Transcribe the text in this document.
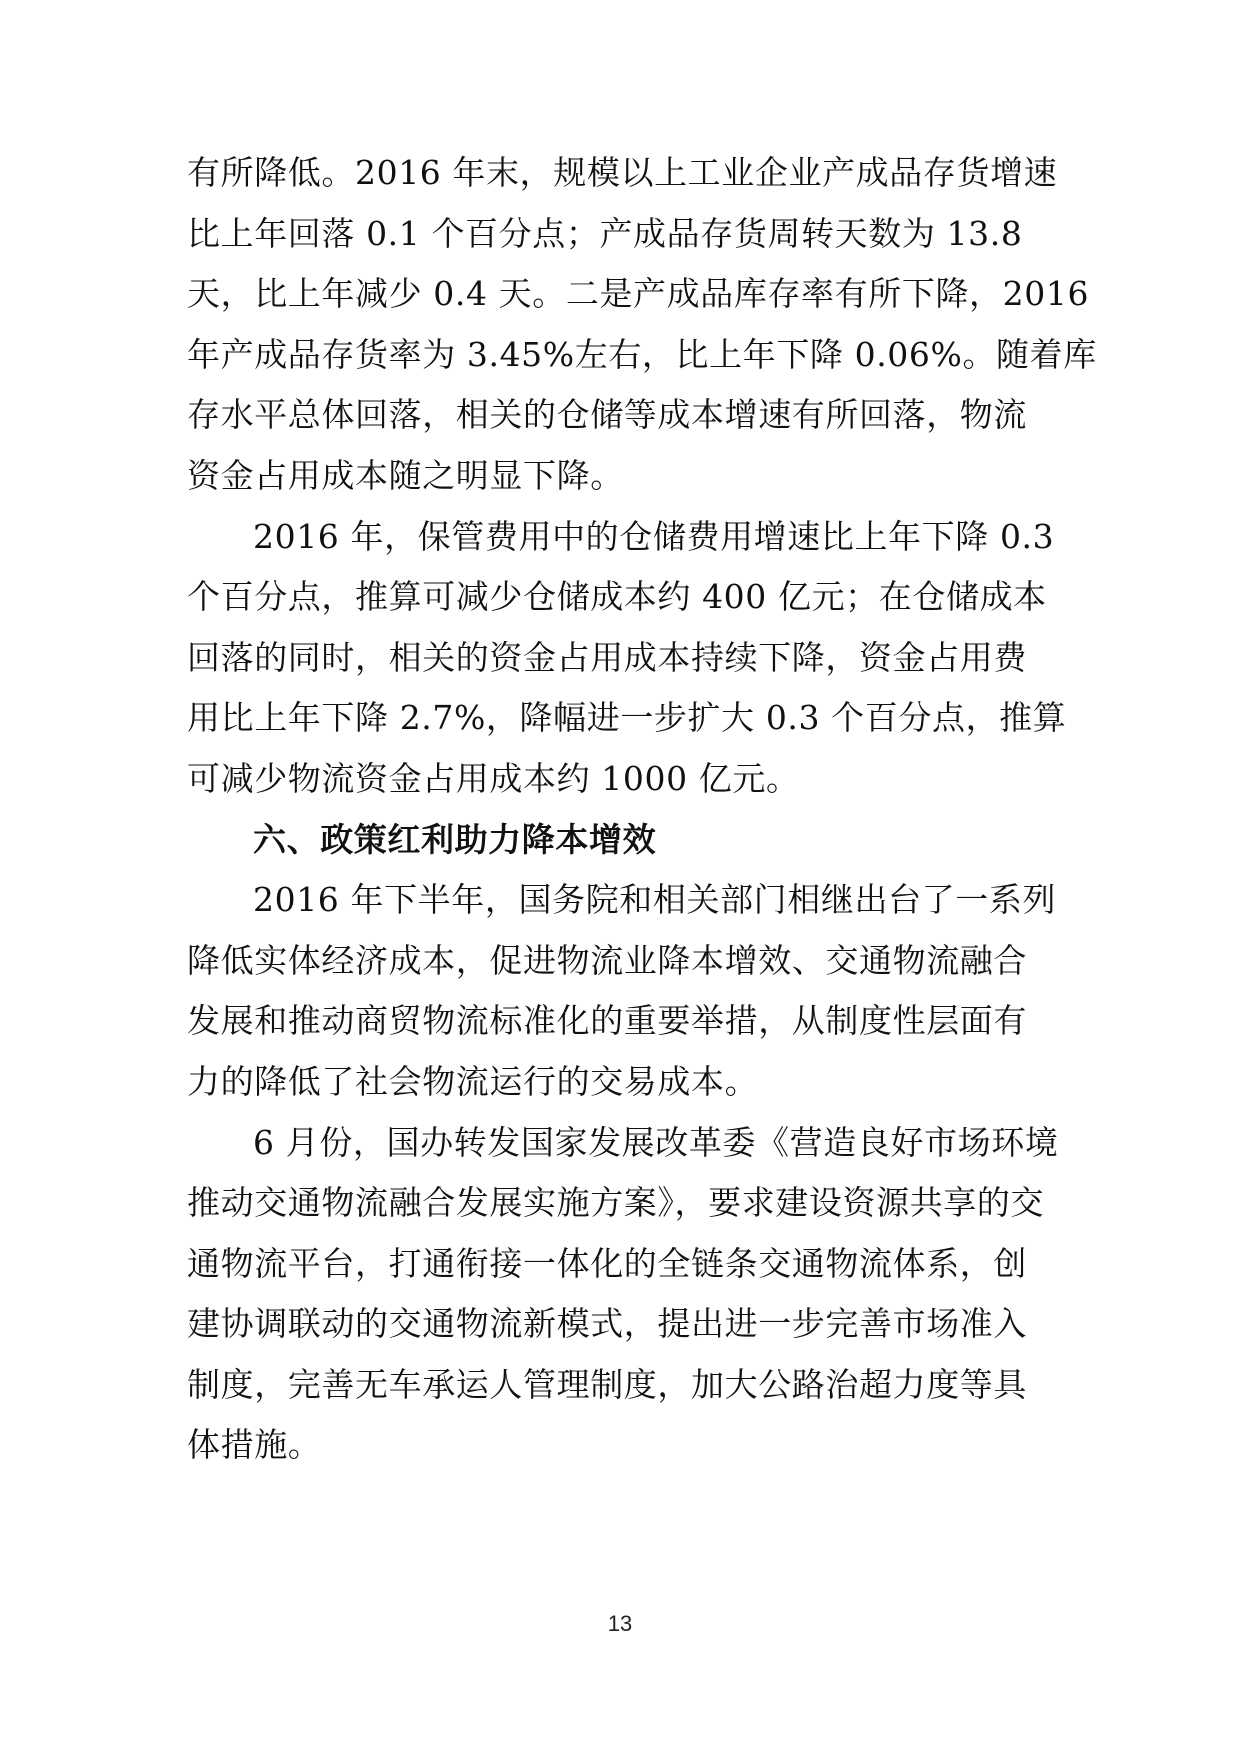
有所降低。2016 年末，规模以上工业企业产成品存货增速
比上年回落 0.1 个百分点；产成品存货周转天数为 13.8
天，比上年减少 0.4 天。二是产成品库存率有所下降，2016
年产成品存货率为 3.45%左右，比上年下降 0.06%。随着库
存水平总体回落，相关的仓储等成本增速有所回落，物流
资金占用成本随之明显下降。
2016 年，保管费用中的仓储费用增速比上年下降 0.3
个百分点，推算可减少仓储成本约 400 亿元；在仓储成本
回落的同时，相关的资金占用成本持续下降，资金占用费
用比上年下降 2.7%，降幅进一步扩大 0.3 个百分点，推算
可减少物流资金占用成本约 1000 亿元。
六、政策红利助力降本增效
2016 年下半年，国务院和相关部门相继出台了一系列
降低实体经济成本，促进物流业降本增效、交通物流融合
发展和推动商贸物流标准化的重要举措，从制度性层面有
力的降低了社会物流运行的交易成本。
6 月份，国办转发国家发展改革委《营造良好市场环境
推动交通物流融合发展实施方案》，要求建设资源共享的交
通物流平台，打通衔接一体化的全链条交通物流体系，创
建协调联动的交通物流新模式，提出进一步完善市场准入
制度，完善无车承运人管理制度，加大公路治超力度等具
体措施。
13
